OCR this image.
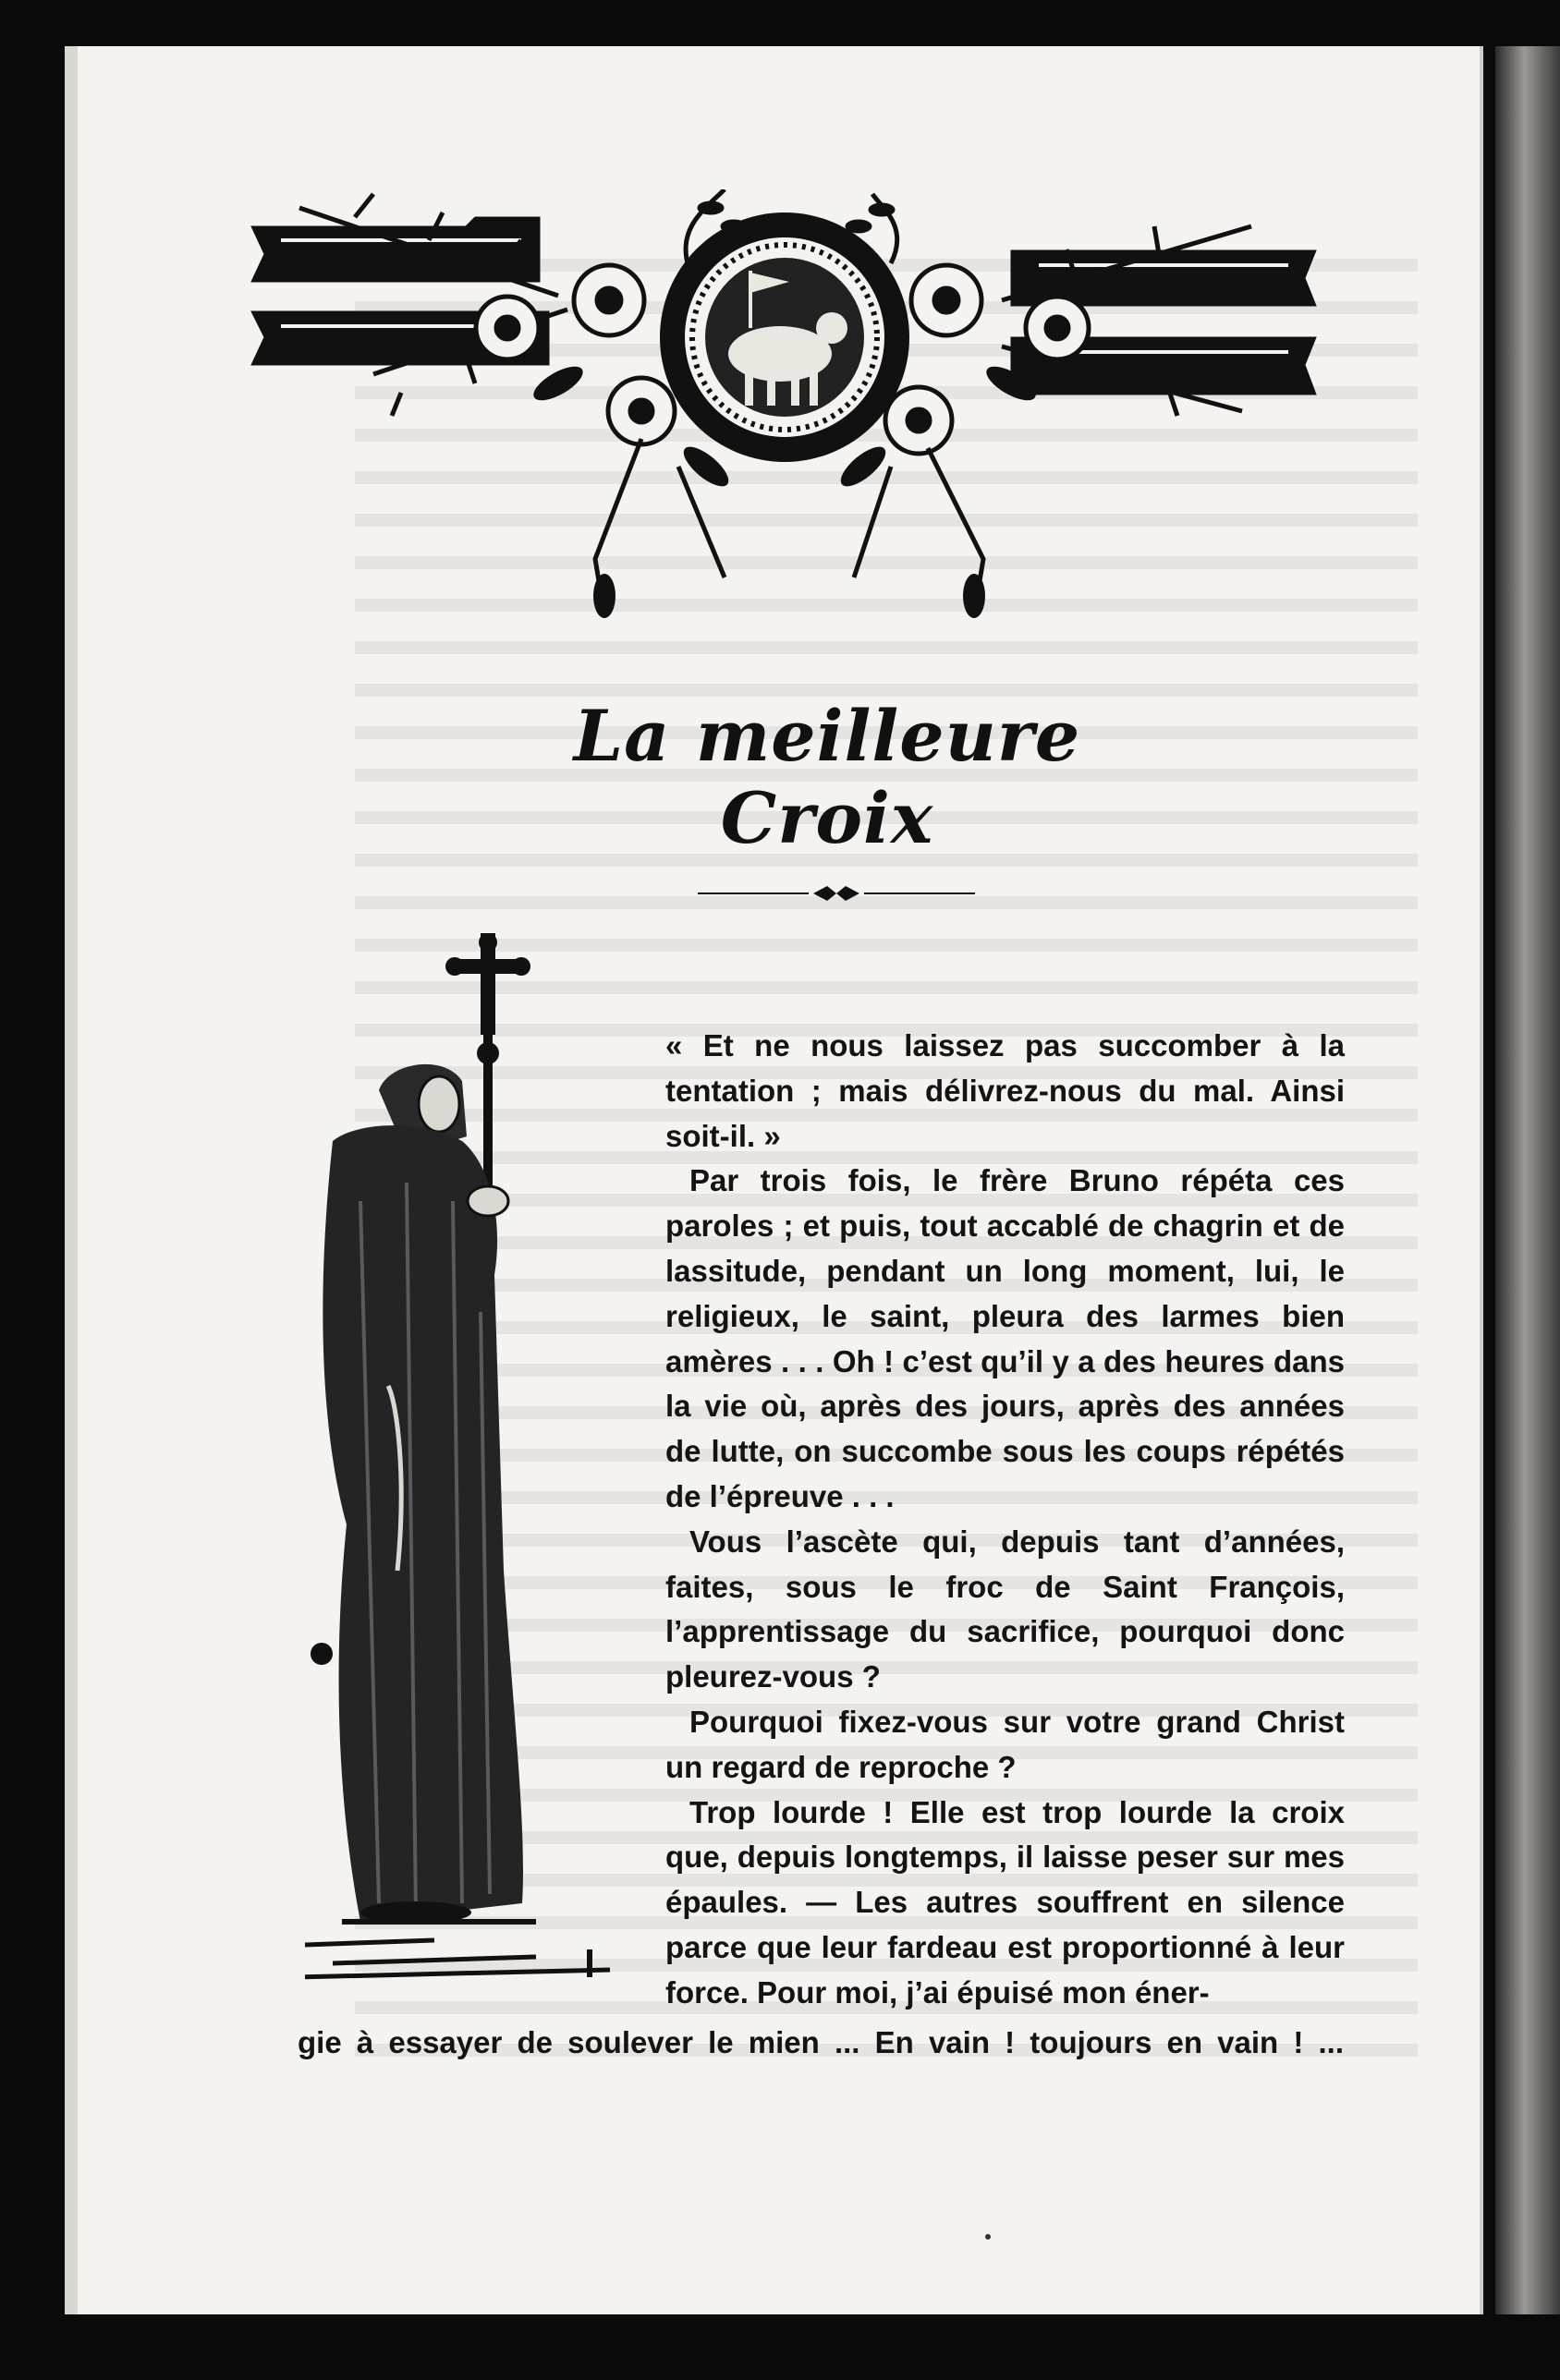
La meilleure Croix

« Et ne nous laissez pas succomber à la tentation ; mais délivrez-nous du mal. Ainsi soit-il. »

Par trois fois, le frère Bruno répéta ces paroles ; et puis, tout accablé de chagrin et de lassitude, pendant un long moment, lui, le religieux, le saint, pleura des larmes bien amères . . . Oh ! c’est qu’il y a des heures dans la vie où, après des jours, après des années de lutte, on succombe sous les coups répétés de l’épreuve . . .

Vous l’ascète qui, depuis tant d’années, faites, sous le froc de Saint François, l’apprentissage du sacrifice, pourquoi donc pleurez-vous ?

Pourquoi fixez-vous sur votre grand Christ un regard de reproche ?

Trop lourde ! Elle est trop lourde la croix que, depuis longtemps, il laisse peser sur mes épaules. — Les autres souffrent en silence parce que leur fardeau est proportionné à leur force. Pour moi, j’ai épuisé mon éner-

gie à essayer de soulever le mien ... En vain ! toujours en vain ! ...
